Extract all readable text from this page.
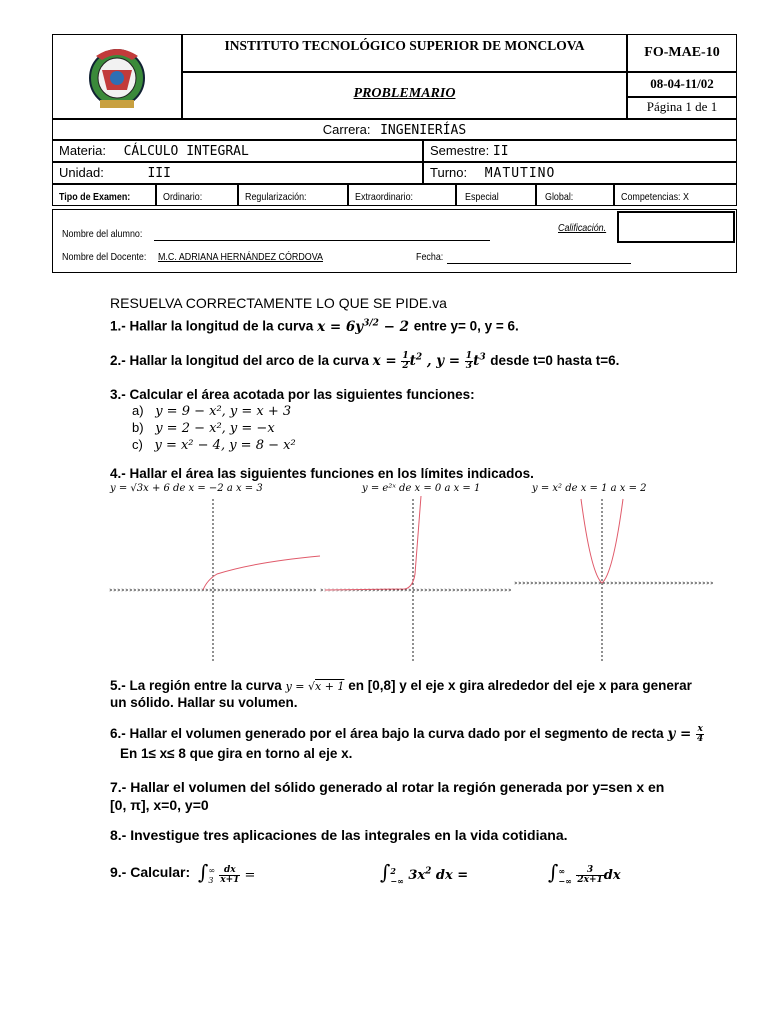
INSTITUTO TECNOLÓGICO SUPERIOR DE MONCLOVA
PROBLEMARIO
FO-MAE-10
08-04-11/02
Página 1 de 1
Carrera: INGENIERÍAS
Materia: CÁLCULO INTEGRAL	Semestre: II
Unidad:	III	Turno: MATUTINO
Tipo de Examen:	Ordinario:	Regularización:	Extraordinario:	Especial	Global:	Competencias: X
Nombre del alumno:	Calificación.
Nombre del Docente: M.C. ADRIANA HERNÁNDEZ CÓRDOVA	Fecha:
RESUELVA CORRECTAMENTE LO QUE SE PIDE.va
1.- Hallar la longitud de la curva $x = 6y^{3/2} - 2$ entre y= 0, y = 6.
2.- Hallar la longitud del arco de la curva $x = \frac{1}{2} t^2$ , $y = \frac{1}{3} t^3$ desde t=0 hasta t=6.
3.- Calcular el área acotada por las siguientes funciones:
a) y = 9 − x², y = x + 3
b) y = 2 − x², y = −x
c) y = x² − 4, y = 8 − x²
4.- Hallar el área las siguientes funciones en los límites indicados.
y = √3x + 6 de x = −2 a x = 3	y = e²ˣ de x = 0 a x = 1	y = x² de x = 1 a x = 2
5.- La región entre la curva y = √x + 1 en [0,8] y el eje x gira alrededor del eje x para generar
un sólido. Hallar su volumen.
6.- Hallar el volumen generado por el área bajo la curva dado por el segmento de recta $y = \frac{x}{4}$

En 1≤ x≤ 8 que gira en torno al eje x.
7.- Hallar el volumen del sólido generado al rotar la región generada por y=sen x en
[0, π], x=0, y=0
8.- Investigue tres aplicaciones de las integrales en la vida cotidiana.
9.- Calcular: ∫ ∞
3
$\frac{dx}{x+1}$ =	∫ 2
−∞ $3x^2$ dx =	∫ ∞
−∞
$\frac{3}{2x+1}$ dx
